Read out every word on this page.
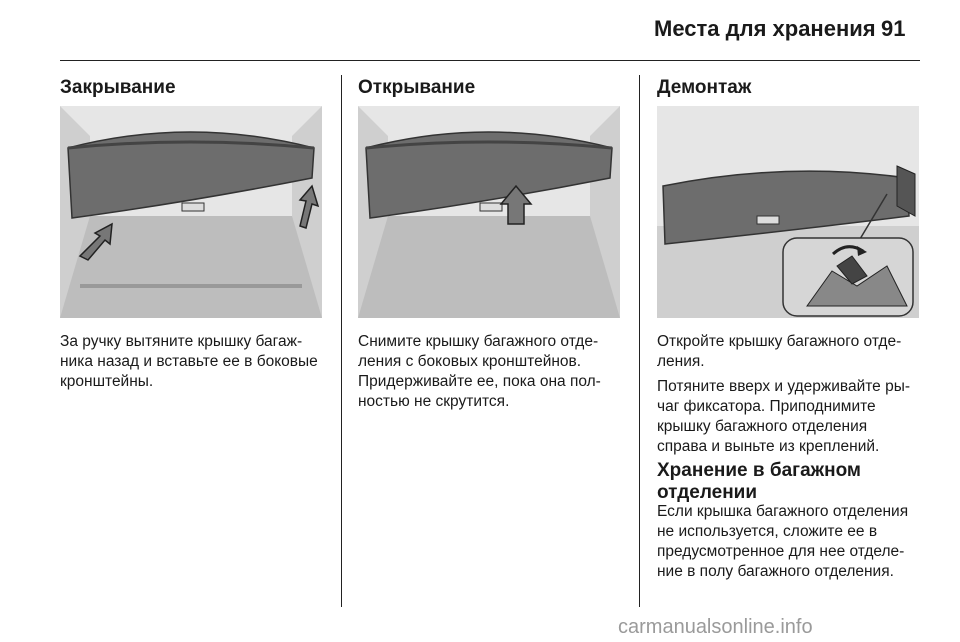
Места для хранения 91
Закрывание

За ручку вытяните крышку багаж-
ника назад и вставьте ее в боковые
кронштейны.

Открывание

Снимите крышку багажного отде-
ления с боковых кронштейнов.
Придерживайте ее, пока она пол-
ностью не скрутится.

Демонтаж

Откройте крышку багажного отде-
ления.

Потяните вверх и удерживайте ры-
чаг фиксатора. Приподнимите
крышку багажного отделения
справа и выньте из креплений.

Хранение в багажном
отделении

Если крышка багажного отделения
не используется, сложите ее в
предусмотренное для нее отделе-
ние в полу багажного отделения.

carmanualsonline.info
